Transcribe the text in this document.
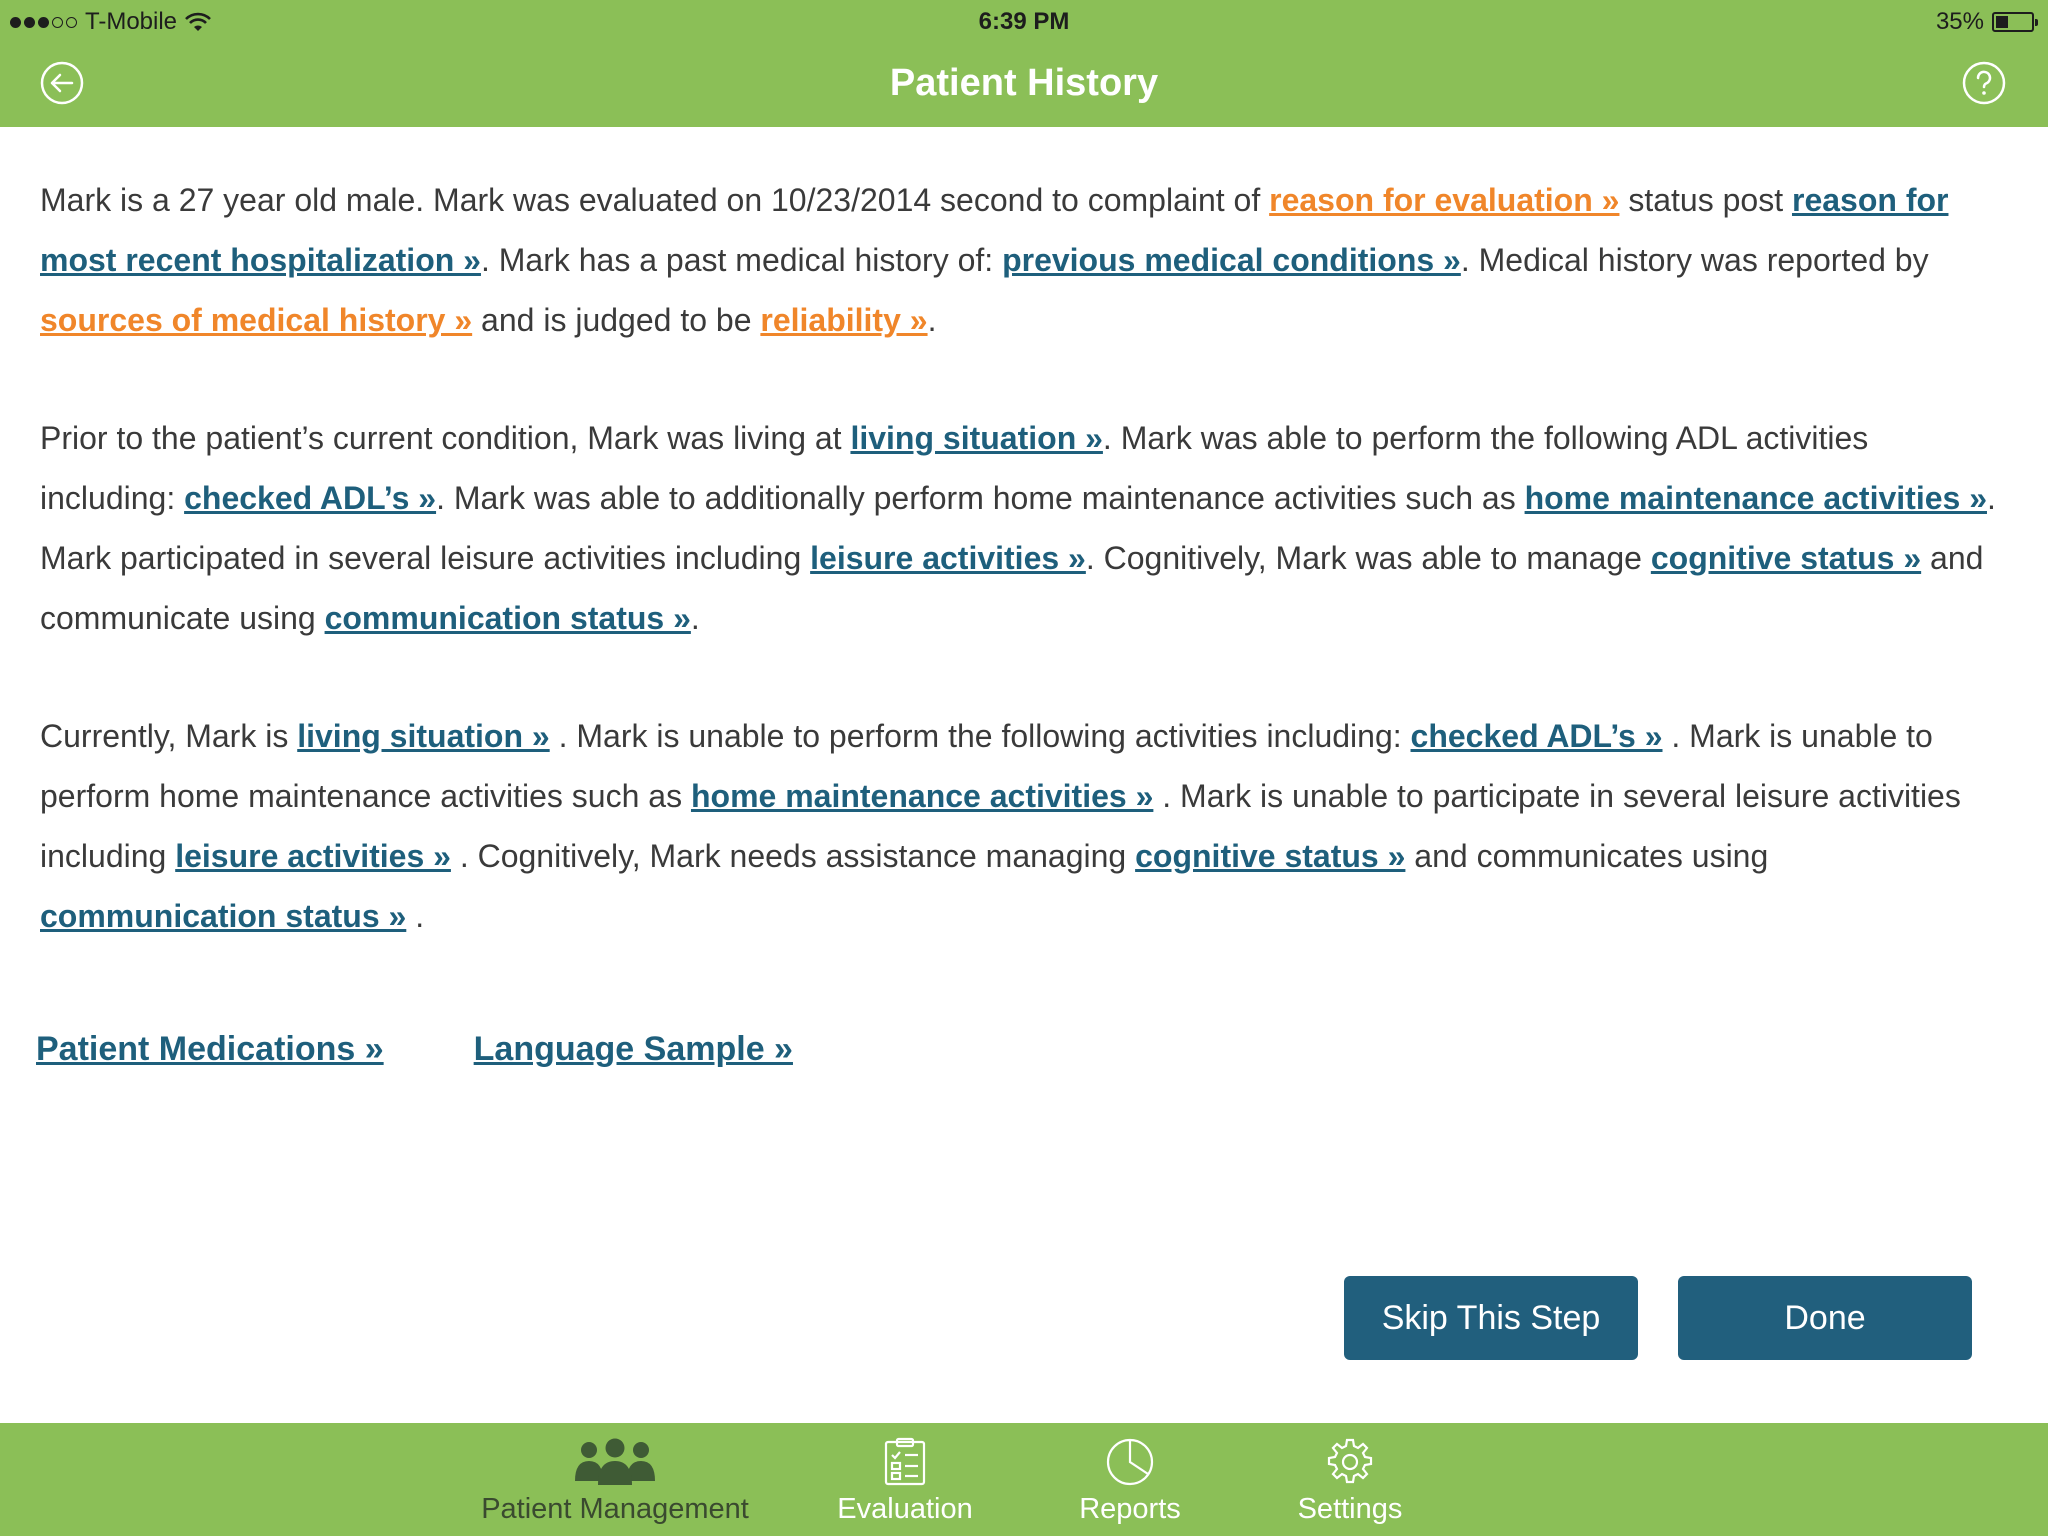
T-Mobile	6:39 PM	35%
Patient History

Mark is a 27 year old male. Mark was evaluated on 10/23/2014 second to complaint of reason for evaluation » status post reason for most recent hospitalization ». Mark has a past medical history of: previous medical conditions ». Medical history was reported by sources of medical history » and is judged to be reliability ».

Prior to the patient’s current condition, Mark was living at living situation ». Mark was able to perform the following ADL activities including: checked ADL’s ». Mark was able to additionally perform home maintenance activities such as home maintenance activities ». Mark participated in several leisure activities including leisure activities ». Cognitively, Mark was able to manage cognitive status » and communicate using communication status ».

Currently, Mark is living situation » . Mark is unable to perform the following activities including: checked ADL’s » . Mark is unable to perform home maintenance activities such as home maintenance activities » . Mark is unable to participate in several leisure activities including leisure activities » . Cognitively, Mark needs assistance managing cognitive status » and communicates using communication status » .

Patient Medications »	Language Sample »
Skip This Step	Done
Patient Management	Evaluation	Reports	Settings
